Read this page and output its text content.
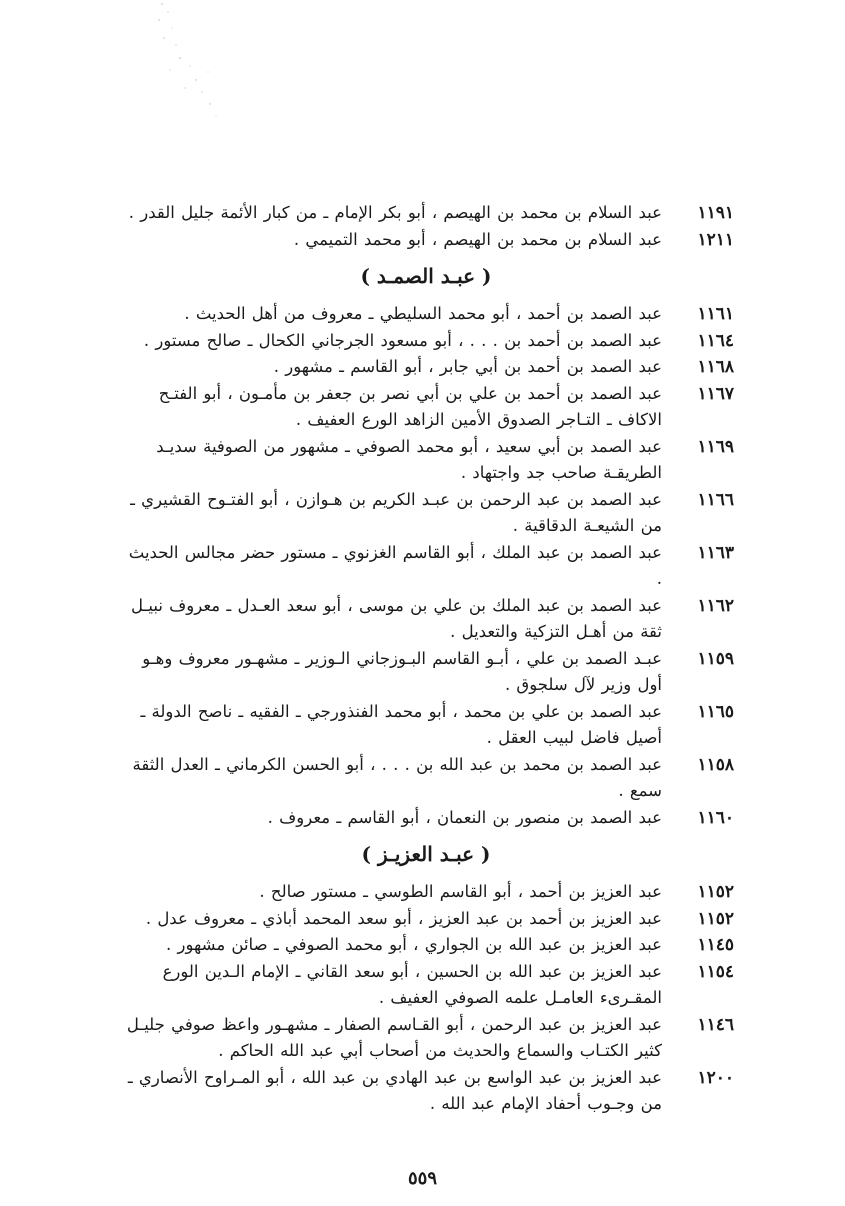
١١٩١عبد السلام بن محمد بن الهيصم ، أبو بكر الإمام ـ من كبار الأئمة جليل القدر .

١٢١١عبد السلام بن محمد بن الهيصم ، أبو محمد التميمي .

( عبـد الصمـد )

١١٦١عبد الصمد بن أحمد ، أبو محمد السليطي ـ معروف من أهل الحديث .

١١٦٤عبد الصمد بن أحمد بن . . . ، أبو مسعود الجرجاني الكحال ـ صالح مستور .

١١٦٨عبد الصمد بن أحمد بن أبي جابر ، أبو القاسم ـ مشهور .

١١٦٧عبد الصمد بن أحمد بن علي بن أبي نصر بن جعفر بن مأمـون ، أبو الفتـح الاكاف ـ التـاجر الصدوق الأمين الزاهد الورع العفيف .

١١٦٩عبد الصمد بن أبي سعيد ، أبو محمد الصوفي ـ مشهور من الصوفية سديـد الطريقـة صاحب جد واجتهاد .

١١٦٦عبد الصمد بن عبد الرحمن بن عبـد الكريم بن هـوازن ، أبو الفتـوح القشيري ـ من الشيعـة الدقاقية .

١١٦٣عبد الصمد بن عبد الملك ، أبو القاسم الغزنوي ـ مستور حضر مجالس الحديث .

١١٦٢عبد الصمد بن عبد الملك بن علي بن موسى ، أبو سعد العـدل ـ معروف نبيـل ثقة من أهـل التزكية والتعديل .

١١٥٩عبـد الصمد بن علي ، أبـو القاسم البـوزجاني الـوزير ـ مشهـور معروف وهـو أول وزير لآل سلجوق .

١١٦٥عبد الصمد بن علي بن محمد ، أبو محمد الفنذورجي ـ الفقيه ـ ناصح الدولة ـ أصيل فاضل لبيب العقل .

١١٥٨عبد الصمد بن محمد بن عبد الله بن . . . ، أبو الحسن الكرماني ـ العدل الثقة سمع .

١١٦٠عبد الصمد بن منصور بن النعمان ، أبو القاسم ـ معروف .

( عبـد العزيـز )

١١٥٢عبد العزيز بن أحمد ، أبو القاسم الطوسي ـ مستور صالح .

١١٥٢عبد العزيز بن أحمد بن عبد العزيز ، أبو سعد المحمد أباذي ـ معروف عدل .

١١٤٥عبد العزيز بن عبد الله بن الجواري ، أبو محمد الصوفي ـ صائن مشهور .

١١٥٤عبد العزيز بن عبد الله بن الحسين ، أبو سعد القاني ـ الإمام الـدين الورع المقـرىء العامـل علمه الصوفي العفيف .

١١٤٦عبد العزيز بن عبد الرحمن ، أبو القـاسم الصفار ـ مشهـور واعظ صوفي جليـل كثير الكتـاب والسماع والحديث من أصحاب أبي عبد الله الحاكم .

١٢٠٠عبد العزيز بن عبد الواسع بن عبد الهادي بن عبد الله ، أبو المـراوح الأنصاري ـ من وجـوب أحفاد الإمام عبد الله .

٥٥٩
